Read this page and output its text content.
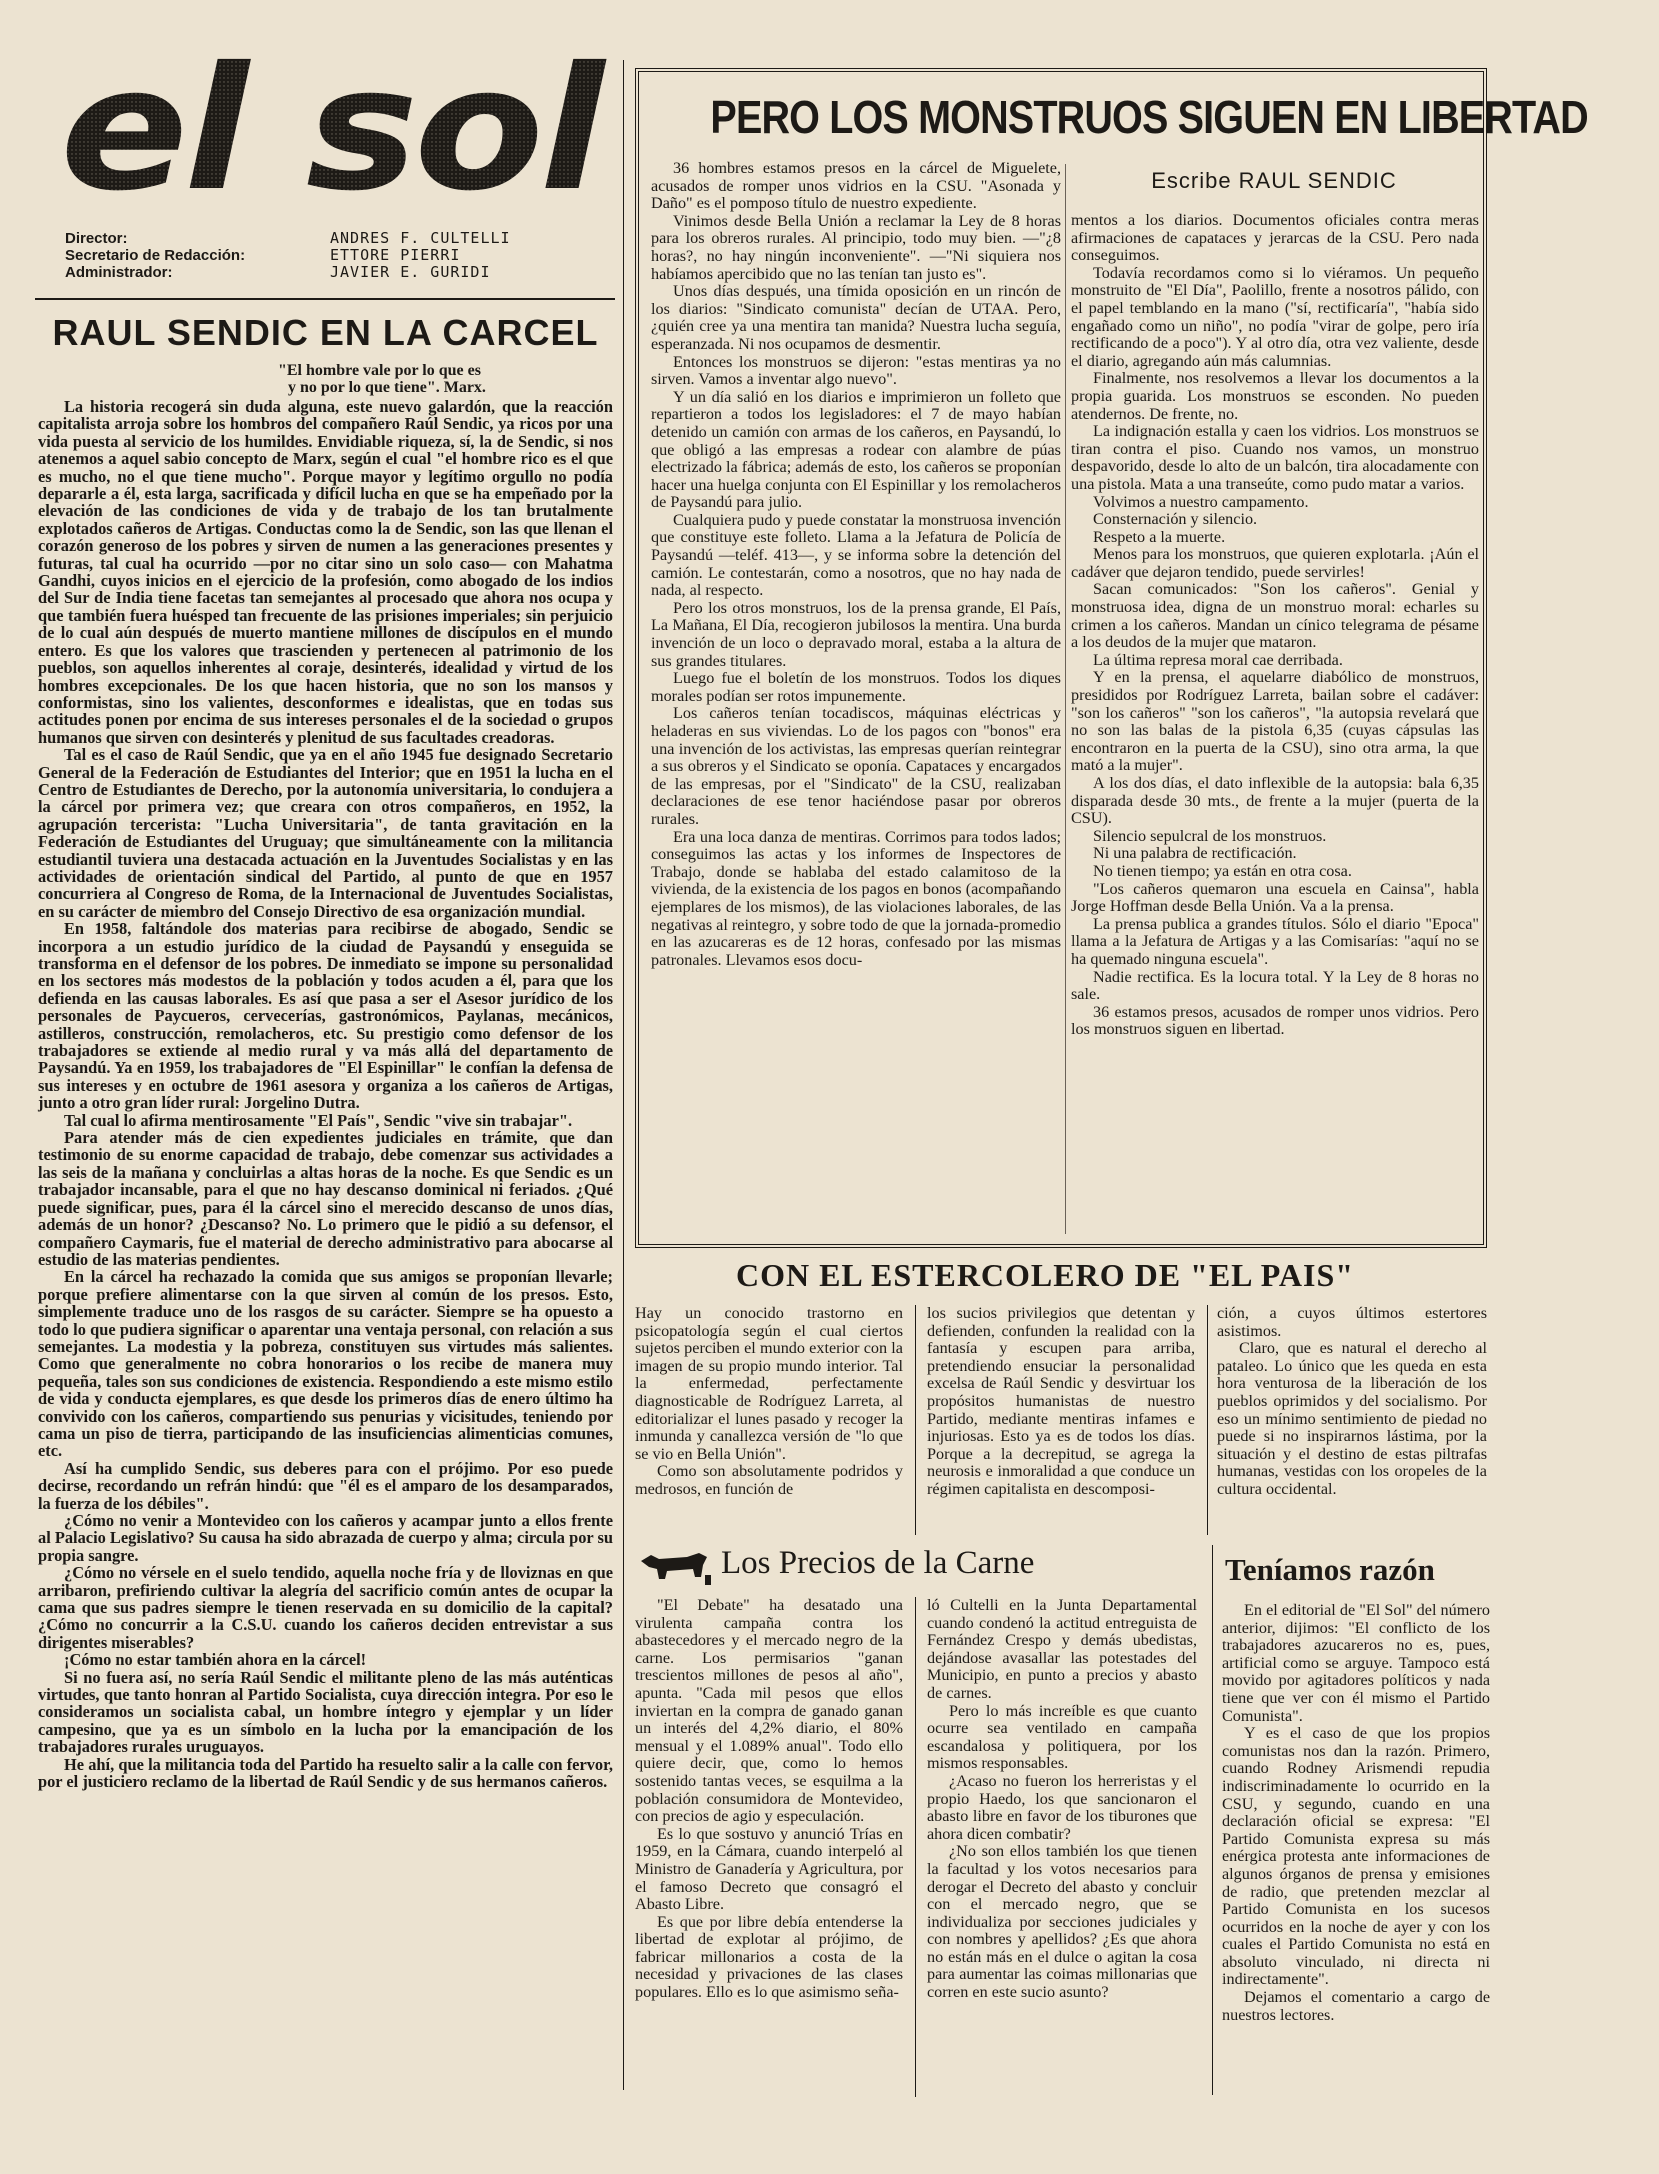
el sol
Director:	ANDRES F. CULTELLI
Secretario de Redacción:	ETTORE PIERRI
Administrador:	JAVIER E. GURIDI
RAUL SENDIC EN LA CARCEL
"El hombre vale por lo que es
y no por lo que tiene". Marx.

La historia recogerá sin duda alguna, este nuevo galardón, que la reacción capitalista arroja sobre los hombros del compañero Raúl Sendic, ya ricos por una vida puesta al servicio de los humildes. Envidiable riqueza, sí, la de Sendic, si nos atenemos a aquel sabio concepto de Marx, según el cual "el hombre rico es el que es mucho, no el que tiene mucho". Porque mayor y legítimo orgullo no podía depararle a él, esta larga, sacrificada y difícil lucha en que se ha empeñado por la elevación de las condiciones de vida y de trabajo de los tan brutalmente explotados cañeros de Artigas. Conductas como la de Sendic, son las que llenan el corazón generoso de los pobres y sirven de numen a las generaciones presentes y futuras, tal cual ha ocurrido —por no citar sino un solo caso— con Mahatma Gandhi, cuyos inicios en el ejercicio de la profesión, como abogado de los indios del Sur de India tiene facetas tan semejantes al procesado que ahora nos ocupa y que también fuera huésped tan frecuente de las prisiones imperiales; sin perjuicio de lo cual aún después de muerto mantiene millones de discípulos en el mundo entero. Es que los valores que trascienden y pertenecen al patrimonio de los pueblos, son aquellos inherentes al coraje, desinterés, idealidad y virtud de los hombres excepcionales. De los que hacen historia, que no son los mansos y conformistas, sino los valientes, desconformes e idealistas, que en todas sus actitudes ponen por encima de sus intereses personales el de la sociedad o grupos humanos que sirven con desinterés y plenitud de sus facultades creadoras.

Tal es el caso de Raúl Sendic, que ya en el año 1945 fue designado Secretario General de la Federación de Estudiantes del Interior; que en 1951 la lucha en el Centro de Estudiantes de Derecho, por la autonomía universitaria, lo condujera a la cárcel por primera vez; que creara con otros compañeros, en 1952, la agrupación tercerista: "Lucha Universitaria", de tanta gravitación en la Federación de Estudiantes del Uruguay; que simultáneamente con la militancia estudiantil tuviera una destacada actuación en la Juventudes Socialistas y en las actividades de orientación sindical del Partido, al punto de que en 1957 concurriera al Congreso de Roma, de la Internacional de Juventudes Socialistas, en su carácter de miembro del Consejo Directivo de esa organización mundial.

En 1958, faltándole dos materias para recibirse de abogado, Sendic se incorpora a un estudio jurídico de la ciudad de Paysandú y enseguida se transforma en el defensor de los pobres. De inmediato se impone su personalidad en los sectores más modestos de la población y todos acuden a él, para que los defienda en las causas laborales. Es así que pasa a ser el Asesor jurídico de los personales de Paycueros, cervecerías, gastronómicos, Paylanas, mecánicos, astilleros, construcción, remolacheros, etc. Su prestigio como defensor de los trabajadores se extiende al medio rural y va más allá del departamento de Paysandú. Ya en 1959, los trabajadores de "El Espinillar" le confían la defensa de sus intereses y en octubre de 1961 asesora y organiza a los cañeros de Artigas, junto a otro gran líder rural: Jorgelino Dutra.

Tal cual lo afirma mentirosamente "El País", Sendic "vive sin trabajar".

Para atender más de cien expedientes judiciales en trámite, que dan testimonio de su enorme capacidad de trabajo, debe comenzar sus actividades a las seis de la mañana y concluirlas a altas horas de la noche. Es que Sendic es un trabajador incansable, para el que no hay descanso dominical ni feriados. ¿Qué puede significar, pues, para él la cárcel sino el merecido descanso de unos días, además de un honor? ¿Descanso? No. Lo primero que le pidió a su defensor, el compañero Caymaris, fue el material de derecho administrativo para abocarse al estudio de las materias pendientes.

En la cárcel ha rechazado la comida que sus amigos se proponían llevarle; porque prefiere alimentarse con la que sirven al común de los presos. Esto, simplemente traduce uno de los rasgos de su carácter. Siempre se ha opuesto a todo lo que pudiera significar o aparentar una ventaja personal, con relación a sus semejantes. La modestia y la pobreza, constituyen sus virtudes más salientes. Como que generalmente no cobra honorarios o los recibe de manera muy pequeña, tales son sus condiciones de existencia. Respondiendo a este mismo estilo de vida y conducta ejemplares, es que desde los primeros días de enero último ha convivido con los cañeros, compartiendo sus penurias y vicisitudes, teniendo por cama un piso de tierra, participando de las insuficiencias alimenticias comunes, etc.

Así ha cumplido Sendic, sus deberes para con el prójimo. Por eso puede decirse, recordando un refrán hindú: que "él es el amparo de los desamparados, la fuerza de los débiles".

¿Cómo no venir a Montevideo con los cañeros y acampar junto a ellos frente al Palacio Legislativo? Su causa ha sido abrazada de cuerpo y alma; circula por su propia sangre.

¿Cómo no vérsele en el suelo tendido, aquella noche fría y de lloviznas en que arribaron, prefiriendo cultivar la alegría del sacrificio común antes de ocupar la cama que sus padres siempre le tienen reservada en su domicilio de la capital? ¿Cómo no concurrir a la C.S.U. cuando los cañeros deciden entrevistar a sus dirigentes miserables?

¡Cómo no estar también ahora en la cárcel!

Si no fuera así, no sería Raúl Sendic el militante pleno de las más auténticas virtudes, que tanto honran al Partido Socialista, cuya dirección integra. Por eso le consideramos un socialista cabal, un hombre íntegro y ejemplar y un líder campesino, que ya es un símbolo en la lucha por la emancipación de los trabajadores rurales uruguayos.

He ahí, que la militancia toda del Partido ha resuelto salir a la calle con fervor, por el justiciero reclamo de la libertad de Raúl Sendic y de sus hermanos cañeros.

PERO LOS MONSTRUOS SIGUEN EN LIBERTAD

36 hombres estamos presos en la cárcel de Miguelete, acusados de romper unos vidrios en la CSU. "Asonada y Daño" es el pomposo título de nuestro expediente.

Vinimos desde Bella Unión a reclamar la Ley de 8 horas para los obreros rurales. Al principio, todo muy bien. —"¿8 horas?, no hay ningún inconveniente". —"Ni siquiera nos habíamos apercibido que no las tenían tan justo es".

Unos días después, una tímida oposición en un rincón de los diarios: "Sindicato comunista" decían de UTAA. Pero, ¿quién cree ya una mentira tan manida? Nuestra lucha seguía, esperanzada. Ni nos ocupamos de desmentir.

Entonces los monstruos se dijeron: "estas mentiras ya no sirven. Vamos a inventar algo nuevo".

Y un día salió en los diarios e imprimieron un folleto que repartieron a todos los legisladores: el 7 de mayo habían detenido un camión con armas de los cañeros, en Paysandú, lo que obligó a las empresas a rodear con alambre de púas electrizado la fábrica; además de esto, los cañeros se proponían hacer una huelga conjunta con El Espinillar y los remolacheros de Paysandú para julio.

Cualquiera pudo y puede constatar la monstruosa invención que constituye este folleto. Llama a la Jefatura de Policía de Paysandú —teléf. 413—, y se informa sobre la detención del camión. Le contestarán, como a nosotros, que no hay nada de nada, al respecto.

Pero los otros monstruos, los de la prensa grande, El País, La Mañana, El Día, recogieron jubilosos la mentira. Una burda invención de un loco o depravado moral, estaba a la altura de sus grandes titulares.

Luego fue el boletín de los monstruos. Todos los diques morales podían ser rotos impunemente.

Los cañeros tenían tocadiscos, máquinas eléctricas y heladeras en sus viviendas. Lo de los pagos con "bonos" era una invención de los activistas, las empresas querían reintegrar a sus obreros y el Sindicato se oponía. Capataces y encargados de las empresas, por el "Sindicato" de la CSU, realizaban declaraciones de ese tenor haciéndose pasar por obreros rurales.

Era una loca danza de mentiras. Corrimos para todos lados; conseguimos las actas y los informes de Inspectores de Trabajo, donde se hablaba del estado calamitoso de la vivienda, de la existencia de los pagos en bonos (acompañando ejemplares de los mismos), de las violaciones laborales, de las negativas al reintegro, y sobre todo de que la jornada-promedio en las azucareras es de 12 horas, confesado por las mismas patronales. Llevamos esos docu-

Escribe RAUL SENDIC

mentos a los diarios. Documentos oficiales contra meras afirmaciones de capataces y jerarcas de la CSU. Pero nada conseguimos.

Todavía recordamos como si lo viéramos. Un pequeño monstruito de "El Día", Paolillo, frente a nosotros pálido, con el papel temblando en la mano ("sí, rectificaría", "había sido engañado como un niño", no podía "virar de golpe, pero iría rectificando de a poco"). Y al otro día, otra vez valiente, desde el diario, agregando aún más calumnias.

Finalmente, nos resolvemos a llevar los documentos a la propia guarida. Los monstruos se esconden. No pueden atendernos. De frente, no.

La indignación estalla y caen los vidrios. Los monstruos se tiran contra el piso. Cuando nos vamos, un monstruo despavorido, desde lo alto de un balcón, tira alocadamente con una pistola. Mata a una transeúte, como pudo matar a varios.

Volvimos a nuestro campamento.

Consternación y silencio.

Respeto a la muerte.

Menos para los monstruos, que quieren explotarla. ¡Aún el cadáver que dejaron tendido, puede servirles!

Sacan comunicados: "Son los cañeros". Genial y monstruosa idea, digna de un monstruo moral: echarles su crimen a los cañeros. Mandan un cínico telegrama de pésame a los deudos de la mujer que mataron.

La última represa moral cae derribada.

Y en la prensa, el aquelarre diabólico de monstruos, presididos por Rodríguez Larreta, bailan sobre el cadáver: "son los cañeros" "son los cañeros", "la autopsia revelará que no son las balas de la pistola 6,35 (cuyas cápsulas las encontraron en la puerta de la CSU), sino otra arma, la que mató a la mujer".

A los dos días, el dato inflexible de la autopsia: bala 6,35 disparada desde 30 mts., de frente a la mujer (puerta de la CSU).

Silencio sepulcral de los monstruos.

Ni una palabra de rectificación.

No tienen tiempo; ya están en otra cosa.

"Los cañeros quemaron una escuela en Cainsa", habla Jorge Hoffman desde Bella Unión. Va a la prensa.

La prensa publica a grandes títulos. Sólo el diario "Epoca" llama a la Jefatura de Artigas y a las Comisarías: "aquí no se ha quemado ninguna escuela".

Nadie rectifica. Es la locura total. Y la Ley de 8 horas no sale.

36 estamos presos, acusados de romper unos vidrios. Pero los monstruos siguen en libertad.

CON EL ESTERCOLERO DE "EL PAIS"

Hay un conocido trastorno en psicopatología según el cual ciertos sujetos perciben el mundo exterior con la imagen de su propio mundo interior. Tal la enfermedad, perfectamente diagnosticable de Rodríguez Larreta, al editorializar el lunes pasado y recoger la inmunda y canallezca versión de "lo que se vio en Bella Unión".

Como son absolutamente podridos y medrosos, en función de

los sucios privilegios que detentan y defienden, confunden la realidad con la fantasía y escupen para arriba, pretendiendo ensuciar la personalidad excelsa de Raúl Sendic y desvirtuar los propósitos humanistas de nuestro Partido, mediante mentiras infames e injuriosas. Esto ya es de todos los días. Porque a la decrepitud, se agrega la neurosis e inmoralidad a que conduce un régimen capitalista en descomposi-

ción, a cuyos últimos estertores asistimos.

Claro, que es natural el derecho al pataleo. Lo único que les queda en esta hora venturosa de la liberación de los pueblos oprimidos y del socialismo. Por eso un mínimo sentimiento de piedad no puede si no inspirarnos lástima, por la situación y el destino de estas piltrafas humanas, vestidas con los oropeles de la cultura occidental.

Los Precios de la Carne

"El Debate" ha desatado una virulenta campaña contra los abastecedores y el mercado negro de la carne. Los permisarios "ganan trescientos millones de pesos al año", apunta. "Cada mil pesos que ellos inviertan en la compra de ganado ganan un interés del 4,2% diario, el 80% mensual y el 1.089% anual". Todo ello quiere decir, que, como lo hemos sostenido tantas veces, se esquilma a la población consumidora de Montevideo, con precios de agio y especulación.

Es lo que sostuvo y anunció Trías en 1959, en la Cámara, cuando interpeló al Ministro de Ganadería y Agricultura, por el famoso Decreto que consagró el Abasto Libre.

Es que por libre debía entenderse la libertad de explotar al prójimo, de fabricar millonarios a costa de la necesidad y privaciones de las clases populares. Ello es lo que asimismo seña-

ló Cultelli en la Junta Departamental cuando condenó la actitud entreguista de Fernández Crespo y demás ubedistas, dejándose avasallar las potestades del Municipio, en punto a precios y abasto de carnes.

Pero lo más increíble es que cuanto ocurre sea ventilado en campaña escandalosa y politiquera, por los mismos responsables.

¿Acaso no fueron los herreristas y el propio Haedo, los que sancionaron el abasto libre en favor de los tiburones que ahora dicen combatir?

¿No son ellos también los que tienen la facultad y los votos necesarios para derogar el Decreto del abasto y concluir con el mercado negro, que se individualiza por secciones judiciales y con nombres y apellidos? ¿Es que ahora no están más en el dulce o agitan la cosa para aumentar las coimas millonarias que corren en este sucio asunto?

Teníamos razón

En el editorial de "El Sol" del número anterior, dijimos: "El conflicto de los trabajadores azucareros no es, pues, artificial como se arguye. Tampoco está movido por agitadores políticos y nada tiene que ver con él mismo el Partido Comunista".

Y es el caso de que los propios comunistas nos dan la razón. Primero, cuando Rodney Arismendi repudia indiscriminadamente lo ocurrido en la CSU, y segundo, cuando en una declaración oficial se expresa: "El Partido Comunista expresa su más enérgica protesta ante informaciones de algunos órganos de prensa y emisiones de radio, que pretenden mezclar al Partido Comunista en los sucesos ocurridos en la noche de ayer y con los cuales el Partido Comunista no está en absoluto vinculado, ni directa ni indirectamente".

Dejamos el comentario a cargo de nuestros lectores.
